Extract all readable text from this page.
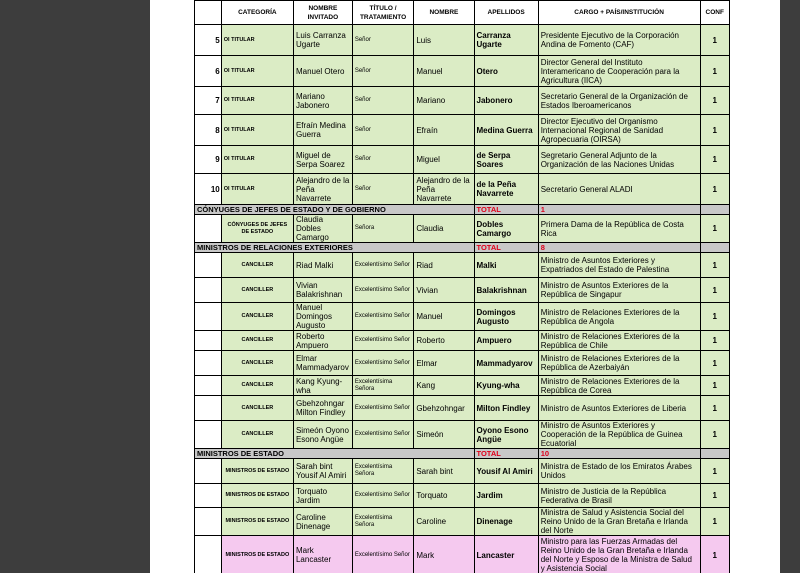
	CATEGORÍA	NOMBRE INVITADO	TÍTULO / TRATAMIENTO	NOMBRE	APELLIDOS	CARGO + PAÍS/INSTITUCIÓN	CONF
5	OI TITULAR	Luis Carranza Ugarte	Señor	Luis	Carranza Ugarte	Presidente Ejecutivo de la Corporación Andina de Fomento (CAF)	1
6	OI TITULAR	Manuel Otero	Señor	Manuel	Otero	Director General del Instituto Interamericano de Cooperación para la Agricultura (IICA)	1
7	OI TITULAR	Mariano Jabonero	Señor	Mariano	Jabonero	Secretario General de la Organización de Estados Iberoamericanos	1
8	OI TITULAR	Efraín Medina Guerra	Señor	Efraín	Medina Guerra	Director Ejecutivo del Organismo Internacional Regional de Sanidad Agropecuaria (OIRSA)	1
9	OI TITULAR	Miguel de Serpa Soarez	Señor	Miguel	de Serpa Soares	Segretario General Adjunto de la Organización de las Naciones Unidas	1
10	OI TITULAR	Alejandro de la Peña Navarrete	Señor	Alejandro de la Peña Navarrete	de la Peña Navarrete	Secretario General ALADI	1
CÓNYUGES DE JEFES DE ESTADO Y DE GOBIERNO					TOTAL	1	
	CÓNYUGES DE JEFES DE ESTADO	Claudia Dobles Camargo	Señora	Claudia	Dobles Camargo	Primera Dama de la República de Costa Rica	1
MINISTROS DE RELACIONES EXTERIORES					TOTAL	8	
	CANCILLER	Riad Malki	Excelentísimo Señor	Riad	Malki	Ministro de Asuntos Exteriores y Expatriados del Estado de Palestina	1
	CANCILLER	Vivian Balakrishnan	Excelentísimo Señor	Vivian	Balakrishnan	Ministro de Asuntos Exteriores de la República de Singapur	1
	CANCILLER	Manuel Domingos Augusto	Excelentísimo Señor	Manuel	Domingos Augusto	Ministro de Relaciones Exteriores de la República de Angola	1
	CANCILLER	Roberto Ampuero	Excelentísimo Señor	Roberto	Ampuero	Ministro de Relaciones Exteriores de la República de Chile	1
	CANCILLER	Elmar Mammadyarov	Excelentísimo Señor	Elmar	Mammadyarov	Ministro de Relaciones Exteriores de la República de Azerbaiyán	1
	CANCILLER	Kang Kyung-wha	Excelentísima Señora	Kang	Kyung-wha	Ministro de Relaciones Exteriores de la República de Corea	1
	CANCILLER	Gbehzohngar Milton Findley	Excelentísimo Señor	Gbehzohngar	Milton Findley	Ministro de Asuntos Exteriores de Liberia	1
	CANCILLER	Simeón Oyono Esono Angüe	Excelentísimo Señor	Simeón	Oyono Esono Angüe	Ministro de Asuntos Exteriores y Cooperación de la República de Guinea Ecuatorial	1
MINISTROS DE ESTADO					TOTAL	10	
	MINISTROS DE ESTADO	Sarah bint Yousif Al Amiri	Excelentísima Señora	Sarah bint	Yousif Al Amiri	Ministra de Estado de los Emiratos Árabes Unidos	1
	MINISTROS DE ESTADO	Torquato Jardim	Excelentísimo Señor	Torquato	Jardim	Ministro de Justicia de la República Federativa de Brasil	1
	MINISTROS DE ESTADO	Caroline Dinenage	Excelentísima Señora	Caroline	Dinenage	Ministra de Salud y Asistencia Social del Reino Unido de la Gran Bretaña e Irlanda del Norte	1
	MINISTROS DE ESTADO	Mark Lancaster	Excelentísimo Señor	Mark	Lancaster	Ministro para las Fuerzas Armadas del Reino Unido de la Gran Bretaña e Irlanda del Norte y Esposo de la Ministra de Salud y Asistencia Social	1
